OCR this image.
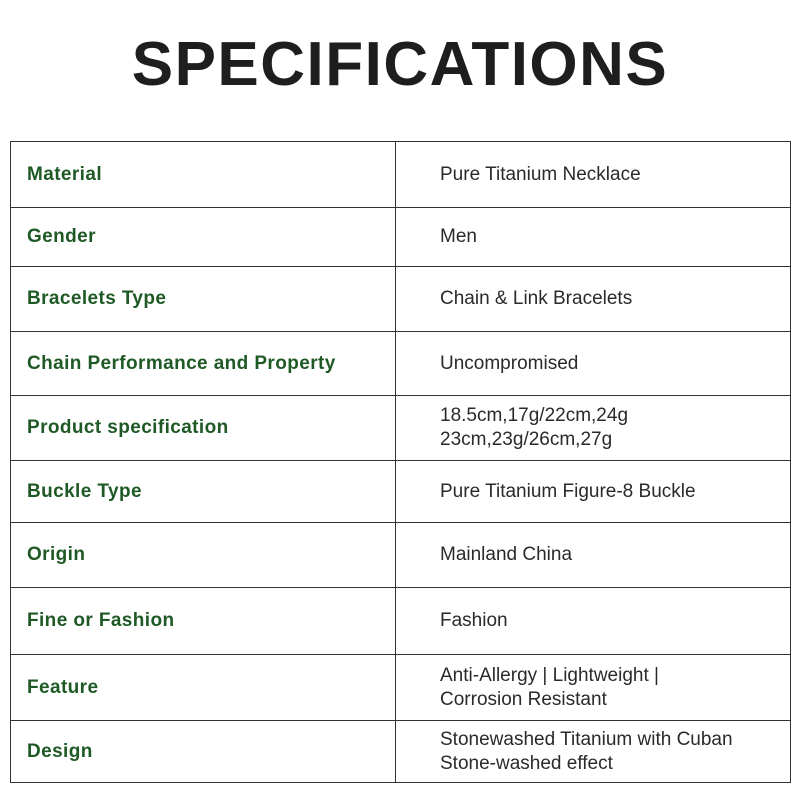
SPECIFICATIONS
Material	Pure Titanium Necklace

Gender	Men

Bracelets Type	Chain & Link Bracelets

Chain Performance and Property	Uncompromised

Product specification	18.5cm,17g/22cm,24g
23cm,23g/26cm,27g

Buckle Type	Pure Titanium Figure-8 Buckle

Origin	Mainland China

Fine or Fashion	Fashion

Feature	Anti-Allergy | Lightweight |
Corrosion Resistant

Design	Stonewashed Titanium with Cuban
Stone-washed effect
